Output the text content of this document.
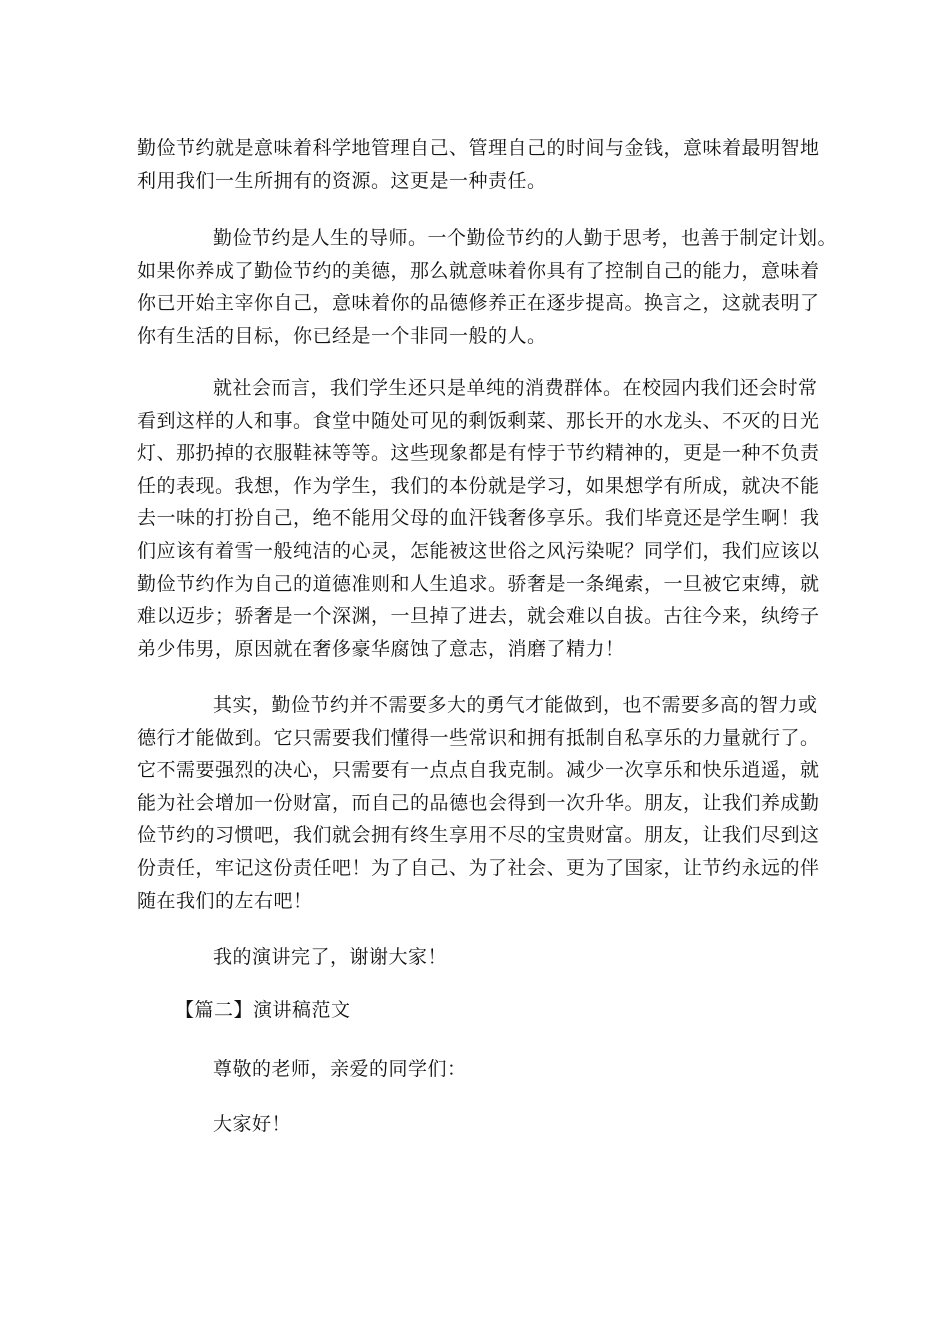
勤俭节约就是意味着科学地管理自己、管理自己的时间与金钱，意味着最明智地
利用我们一生所拥有的资源。这更是一种责任。
勤俭节约是人生的导师。一个勤俭节约的人勤于思考，也善于制定计划。
如果你养成了勤俭节约的美德，那么就意味着你具有了控制自己的能力，意味着
你已开始主宰你自己，意味着你的品德修养正在逐步提高。换言之，这就表明了
你有生活的目标，你已经是一个非同一般的人。
就社会而言，我们学生还只是单纯的消费群体。在校园内我们还会时常
看到这样的人和事。食堂中随处可见的剩饭剩菜、那长开的水龙头、不灭的日光
灯、那扔掉的衣服鞋袜等等。这些现象都是有悖于节约精神的，更是一种不负责
任的表现。我想，作为学生，我们的本份就是学习，如果想学有所成，就决不能
去一味的打扮自己，绝不能用父母的血汗钱奢侈享乐。我们毕竟还是学生啊！我
们应该有着雪一般纯洁的心灵，怎能被这世俗之风污染呢？同学们，我们应该以
勤俭节约作为自己的道德准则和人生追求。骄奢是一条绳索，一旦被它束缚，就
难以迈步；骄奢是一个深渊，一旦掉了进去，就会难以自拔。古往今来，纨绔子
弟少伟男，原因就在奢侈豪华腐蚀了意志，消磨了精力！
其实，勤俭节约并不需要多大的勇气才能做到，也不需要多高的智力或
德行才能做到。它只需要我们懂得一些常识和拥有抵制自私享乐的力量就行了。
它不需要强烈的决心，只需要有一点点自我克制。减少一次享乐和快乐逍遥，就
能为社会增加一份财富，而自己的品德也会得到一次升华。朋友，让我们养成勤
俭节约的习惯吧，我们就会拥有终生享用不尽的宝贵财富。朋友，让我们尽到这
份责任，牢记这份责任吧！为了自己、为了社会、更为了国家，让节约永远的伴
随在我们的左右吧！

我的演讲完了，谢谢大家！

【篇二】演讲稿范文

尊敬的老师，亲爱的同学们：

大家好！
